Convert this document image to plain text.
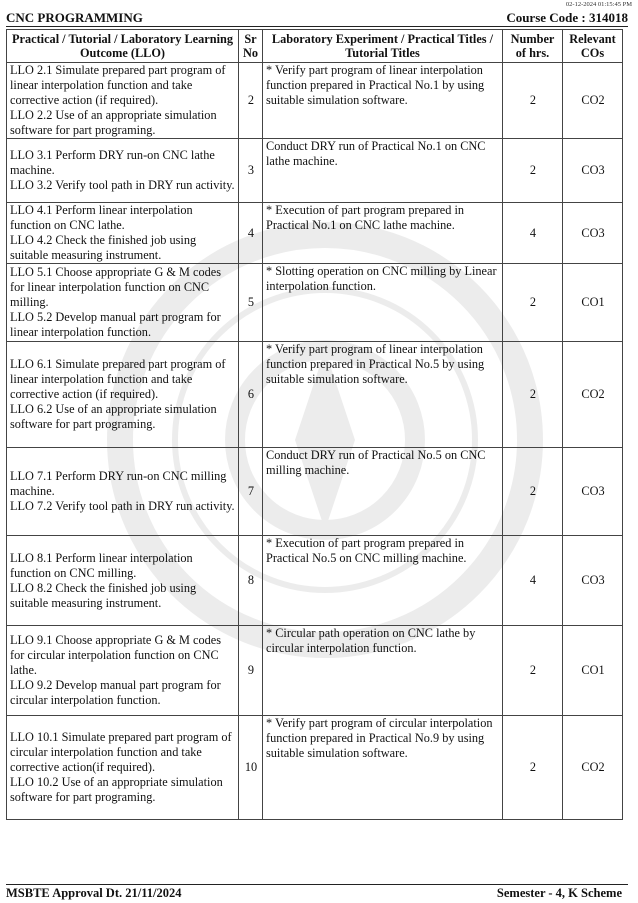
02-12-2024 01:15:45 PM
CNC PROGRAMMING	Course Code : 314018
Practical / Tutorial / Laboratory Learning Outcome (LLO)	Sr No	Laboratory Experiment / Practical Titles / Tutorial Titles	Number of hrs.	Relevant COs
LLO 2.1 Simulate prepared part program of linear interpolation function and take corrective action (if required).
LLO 2.2 Use of an appropriate simulation software for part programing.	2	* Verify part program of linear interpolation function prepared in Practical No.1 by using suitable simulation software.	2	CO2
LLO 3.1 Perform DRY run-on CNC lathe machine.
LLO 3.2 Verify tool path in DRY run activity.	3	Conduct DRY run of Practical No.1 on CNC lathe machine.	2	CO3
LLO 4.1 Perform linear interpolation function on CNC lathe.
LLO 4.2 Check the finished job using suitable measuring instrument.	4	* Execution of part program prepared in Practical No.1 on CNC lathe machine.	4	CO3
LLO 5.1 Choose appropriate G & M codes for linear interpolation function on CNC milling.
LLO 5.2 Develop manual part program for linear interpolation function.	5	* Slotting operation on CNC milling by Linear interpolation function.	2	CO1
LLO 6.1 Simulate prepared part program of linear interpolation function and take corrective action (if required).
LLO 6.2 Use of an appropriate simulation software for part programing.	6	* Verify part program of linear interpolation function prepared in Practical No.5 by using suitable simulation software.	2	CO2
LLO 7.1 Perform DRY run-on CNC milling machine.
LLO 7.2 Verify tool path in DRY run activity.	7	Conduct DRY run of Practical No.5 on CNC milling machine.	2	CO3
LLO 8.1 Perform linear interpolation function on CNC milling.
LLO 8.2 Check the finished job using suitable measuring instrument.	8	* Execution of part program prepared in Practical No.5 on CNC milling machine.	4	CO3
LLO 9.1 Choose appropriate G & M codes for circular interpolation function on CNC lathe.
LLO 9.2 Develop manual part program for circular interpolation function.	9	* Circular path operation on CNC lathe by circular interpolation function.	2	CO1
LLO 10.1 Simulate prepared part program of circular interpolation function and take corrective action(if required).
LLO 10.2 Use of an appropriate simulation software for part programing.	10	* Verify part program of circular interpolation function prepared in Practical No.9 by using suitable simulation software.	2	CO2
MSBTE Approval Dt. 21/11/2024	Semester - 4, K Scheme
